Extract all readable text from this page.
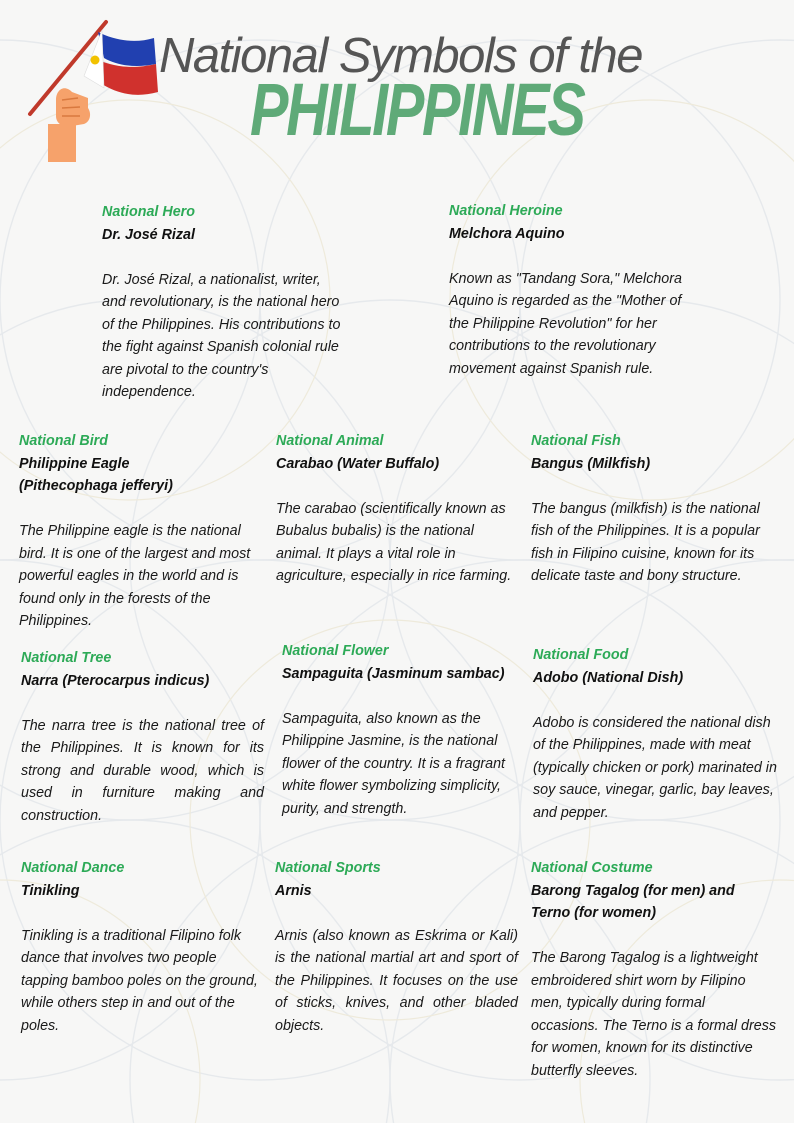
National Symbols of the
PHILIPPINES
National Hero
Dr. José Rizal
Dr. José Rizal, a nationalist, writer, and revolutionary, is the national hero of the Philippines. His contributions to the fight against Spanish colonial rule are pivotal to the country's independence.
National Heroine
Melchora Aquino
Known as "Tandang Sora," Melchora Aquino is regarded as the "Mother of the Philippine Revolution" for her contributions to the revolutionary movement against Spanish rule.
National Bird
Philippine Eagle (Pithecophaga jefferyi)
The Philippine eagle is the national bird. It is one of the largest and most powerful eagles in the world and is found only in the forests of the Philippines.
National Animal
Carabao (Water Buffalo)
The carabao (scientifically known as Bubalus bubalis) is the national animal. It plays a vital role in agriculture, especially in rice farming.
National Fish
Bangus (Milkfish)
The bangus (milkfish) is the national fish of the Philippines. It is a popular fish in Filipino cuisine, known for its delicate taste and bony structure.
National Tree
Narra (Pterocarpus indicus)
The narra tree is the national tree of the Philippines. It is known for its strong and durable wood, which is used in furniture making and construction.
National Flower
Sampaguita (Jasminum sambac)
Sampaguita, also known as the Philippine Jasmine, is the national flower of the country. It is a fragrant white flower symbolizing simplicity, purity, and strength.
National Food
Adobo (National Dish)
Adobo is considered the national dish of the Philippines, made with meat (typically chicken or pork) marinated in soy sauce, vinegar, garlic, bay leaves, and pepper.
National Dance
Tinikling
Tinikling is a traditional Filipino folk dance that involves two people tapping bamboo poles on the ground, while others step in and out of the poles.
National Sports
Arnis
Arnis (also known as Eskrima or Kali) is the national martial art and sport of the Philippines. It focuses on the use of sticks, knives, and other bladed objects.
National Costume
Barong Tagalog (for men) and Terno (for women)
The Barong Tagalog is a lightweight embroidered shirt worn by Filipino men, typically during formal occasions. The Terno is a formal dress for women, known for its distinctive butterfly sleeves.
